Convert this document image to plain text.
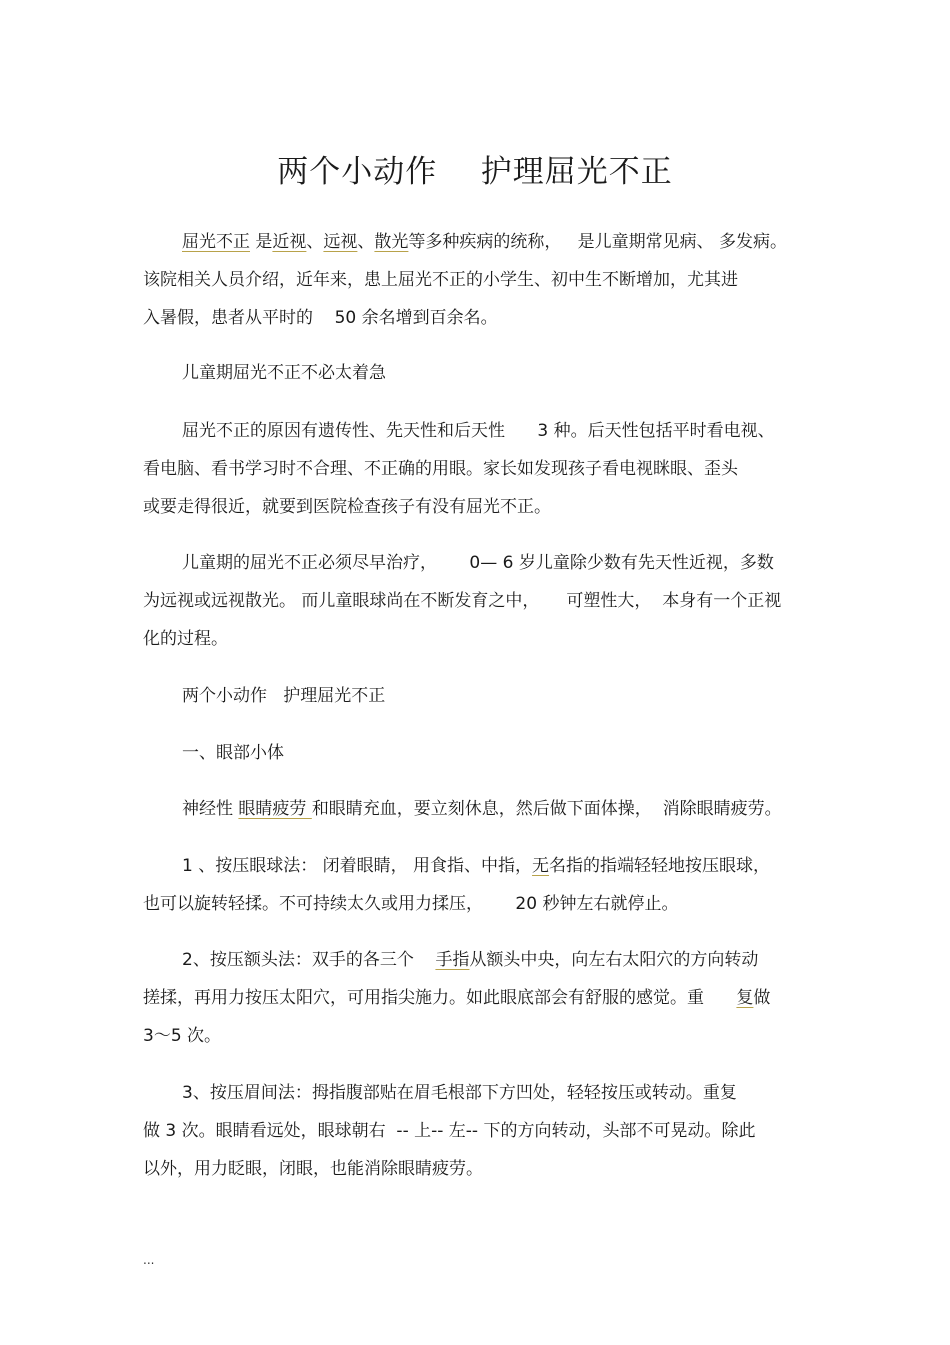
两个小动作    护理屈光不正
屈光不正 是近视、远视、散光等多种疾病的统称，   是儿童期常见病、 多发病。
该院相关人员介绍，近年来，患上屈光不正的小学生、初中生不断增加，尤其进
入暑假，患者从平时的    50 余名增到百余名。
儿童期屈光不正不必太着急
屈光不正的原因有遗传性、先天性和后天性      3 种。后天性包括平时看电视、
看电脑、看书学习时不合理、不正确的用眼。家长如发现孩子看电视眯眼、歪头
或要走得很近，就要到医院检查孩子有没有屈光不正。
儿童期的屈光不正必须尽早治疗，      0— 6 岁儿童除少数有先天性近视，多数
为远视或远视散光。 而儿童眼球尚在不断发育之中，     可塑性大，  本身有一个正视
化的过程。
两个小动作   护理屈光不正
一、眼部小体
神经性 眼睛疲劳 和眼睛充血，要立刻休息，然后做下面体操，  消除眼睛疲劳。
1 、按压眼球法： 闭着眼睛， 用食指、中指，无名指的指端轻轻地按压眼球，
也可以旋转轻揉。不可持续太久或用力揉压，      20 秒钟左右就停止。
2、按压额头法：双手的各三个    手指从额头中央，向左右太阳穴的方向转动
搓揉，再用力按压太阳穴，可用指尖施力。如此眼底部会有舒服的感觉。重      复做
3～5 次。
3、按压眉间法：拇指腹部贴在眉毛根部下方凹处，轻轻按压或转动。重复
做 3 次。眼睛看远处，眼球朝右  -- 上-- 左-- 下的方向转动，头部不可晃动。除此
以外，用力眨眼，闭眼，也能消除眼睛疲劳。
...
